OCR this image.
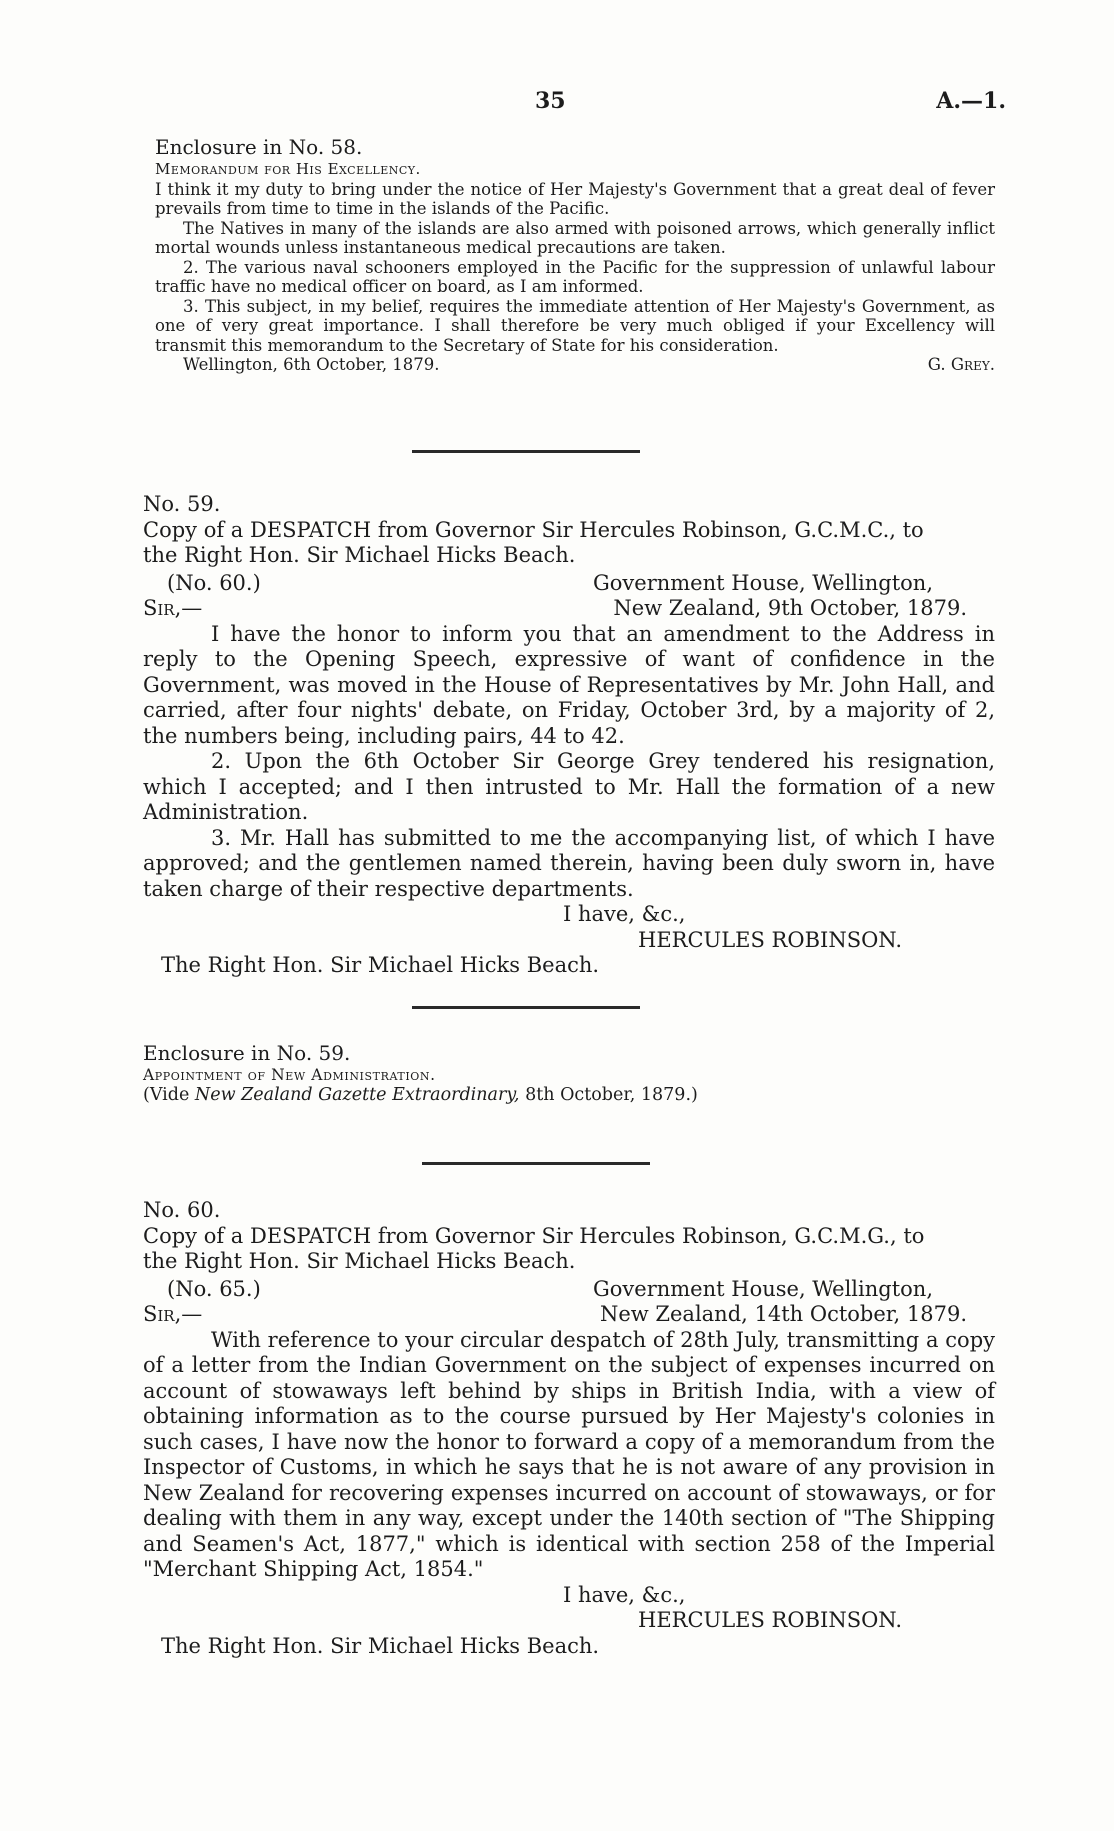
35	A.—1.

Enclosure in No. 58.

Memorandum for His Excellency.

I think it my duty to bring under the notice of Her Majesty's Government that a great deal of fever prevails from time to time in the islands of the Pacific.

The Natives in many of the islands are also armed with poisoned arrows, which generally inflict mortal wounds unless instantaneous medical precautions are taken.

2. The various naval schooners employed in the Pacific for the suppression of unlawful labour traffic have no medical officer on board, as I am informed.

3. This subject, in my belief, requires the immediate attention of Her Majesty's Government, as one of very great importance. I shall therefore be very much obliged if your Excellency will transmit this memorandum to the Secretary of State for his consideration.

Wellington, 6th October, 1879.	G. Grey.

No. 59.

Copy of a DESPATCH from Governor Sir Hercules Robinson, G.C.M.C., to

the Right Hon. Sir Michael Hicks Beach.

(No. 60.)	Government House, Wellington,
Sir,—	New Zealand, 9th October, 1879.

I have the honor to inform you that an amendment to the Address in reply to the Opening Speech, expressive of want of confidence in the Government, was moved in the House of Representatives by Mr. John Hall, and carried, after four nights' debate, on Friday, October 3rd, by a majority of 2, the numbers being, including pairs, 44 to 42.

2. Upon the 6th October Sir George Grey tendered his resignation, which I accepted; and I then intrusted to Mr. Hall the formation of a new Administration.

3. Mr. Hall has submitted to me the accompanying list, of which I have approved; and the gentlemen named therein, having been duly sworn in, have taken charge of their respective departments.

I have, &c.,

HERCULES ROBINSON.

The Right Hon. Sir Michael Hicks Beach.

Enclosure in No. 59.

Appointment of New Administration.

(Vide New Zealand Gazette Extraordinary, 8th October, 1879.)

No. 60.

Copy of a DESPATCH from Governor Sir Hercules Robinson, G.C.M.G., to

the Right Hon. Sir Michael Hicks Beach.

(No. 65.)	Government House, Wellington,
Sir,—	New Zealand, 14th October, 1879.

With reference to your circular despatch of 28th July, transmitting a copy of a letter from the Indian Government on the subject of expenses incurred on account of stowaways left behind by ships in British India, with a view of obtaining information as to the course pursued by Her Majesty's colonies in such cases, I have now the honor to forward a copy of a memorandum from the Inspector of Customs, in which he says that he is not aware of any provision in New Zealand for recovering expenses incurred on account of stowaways, or for dealing with them in any way, except under the 140th section of "The Shipping and Seamen's Act, 1877," which is identical with section 258 of the Imperial "Merchant Shipping Act, 1854."

I have, &c.,

HERCULES ROBINSON.

The Right Hon. Sir Michael Hicks Beach.
